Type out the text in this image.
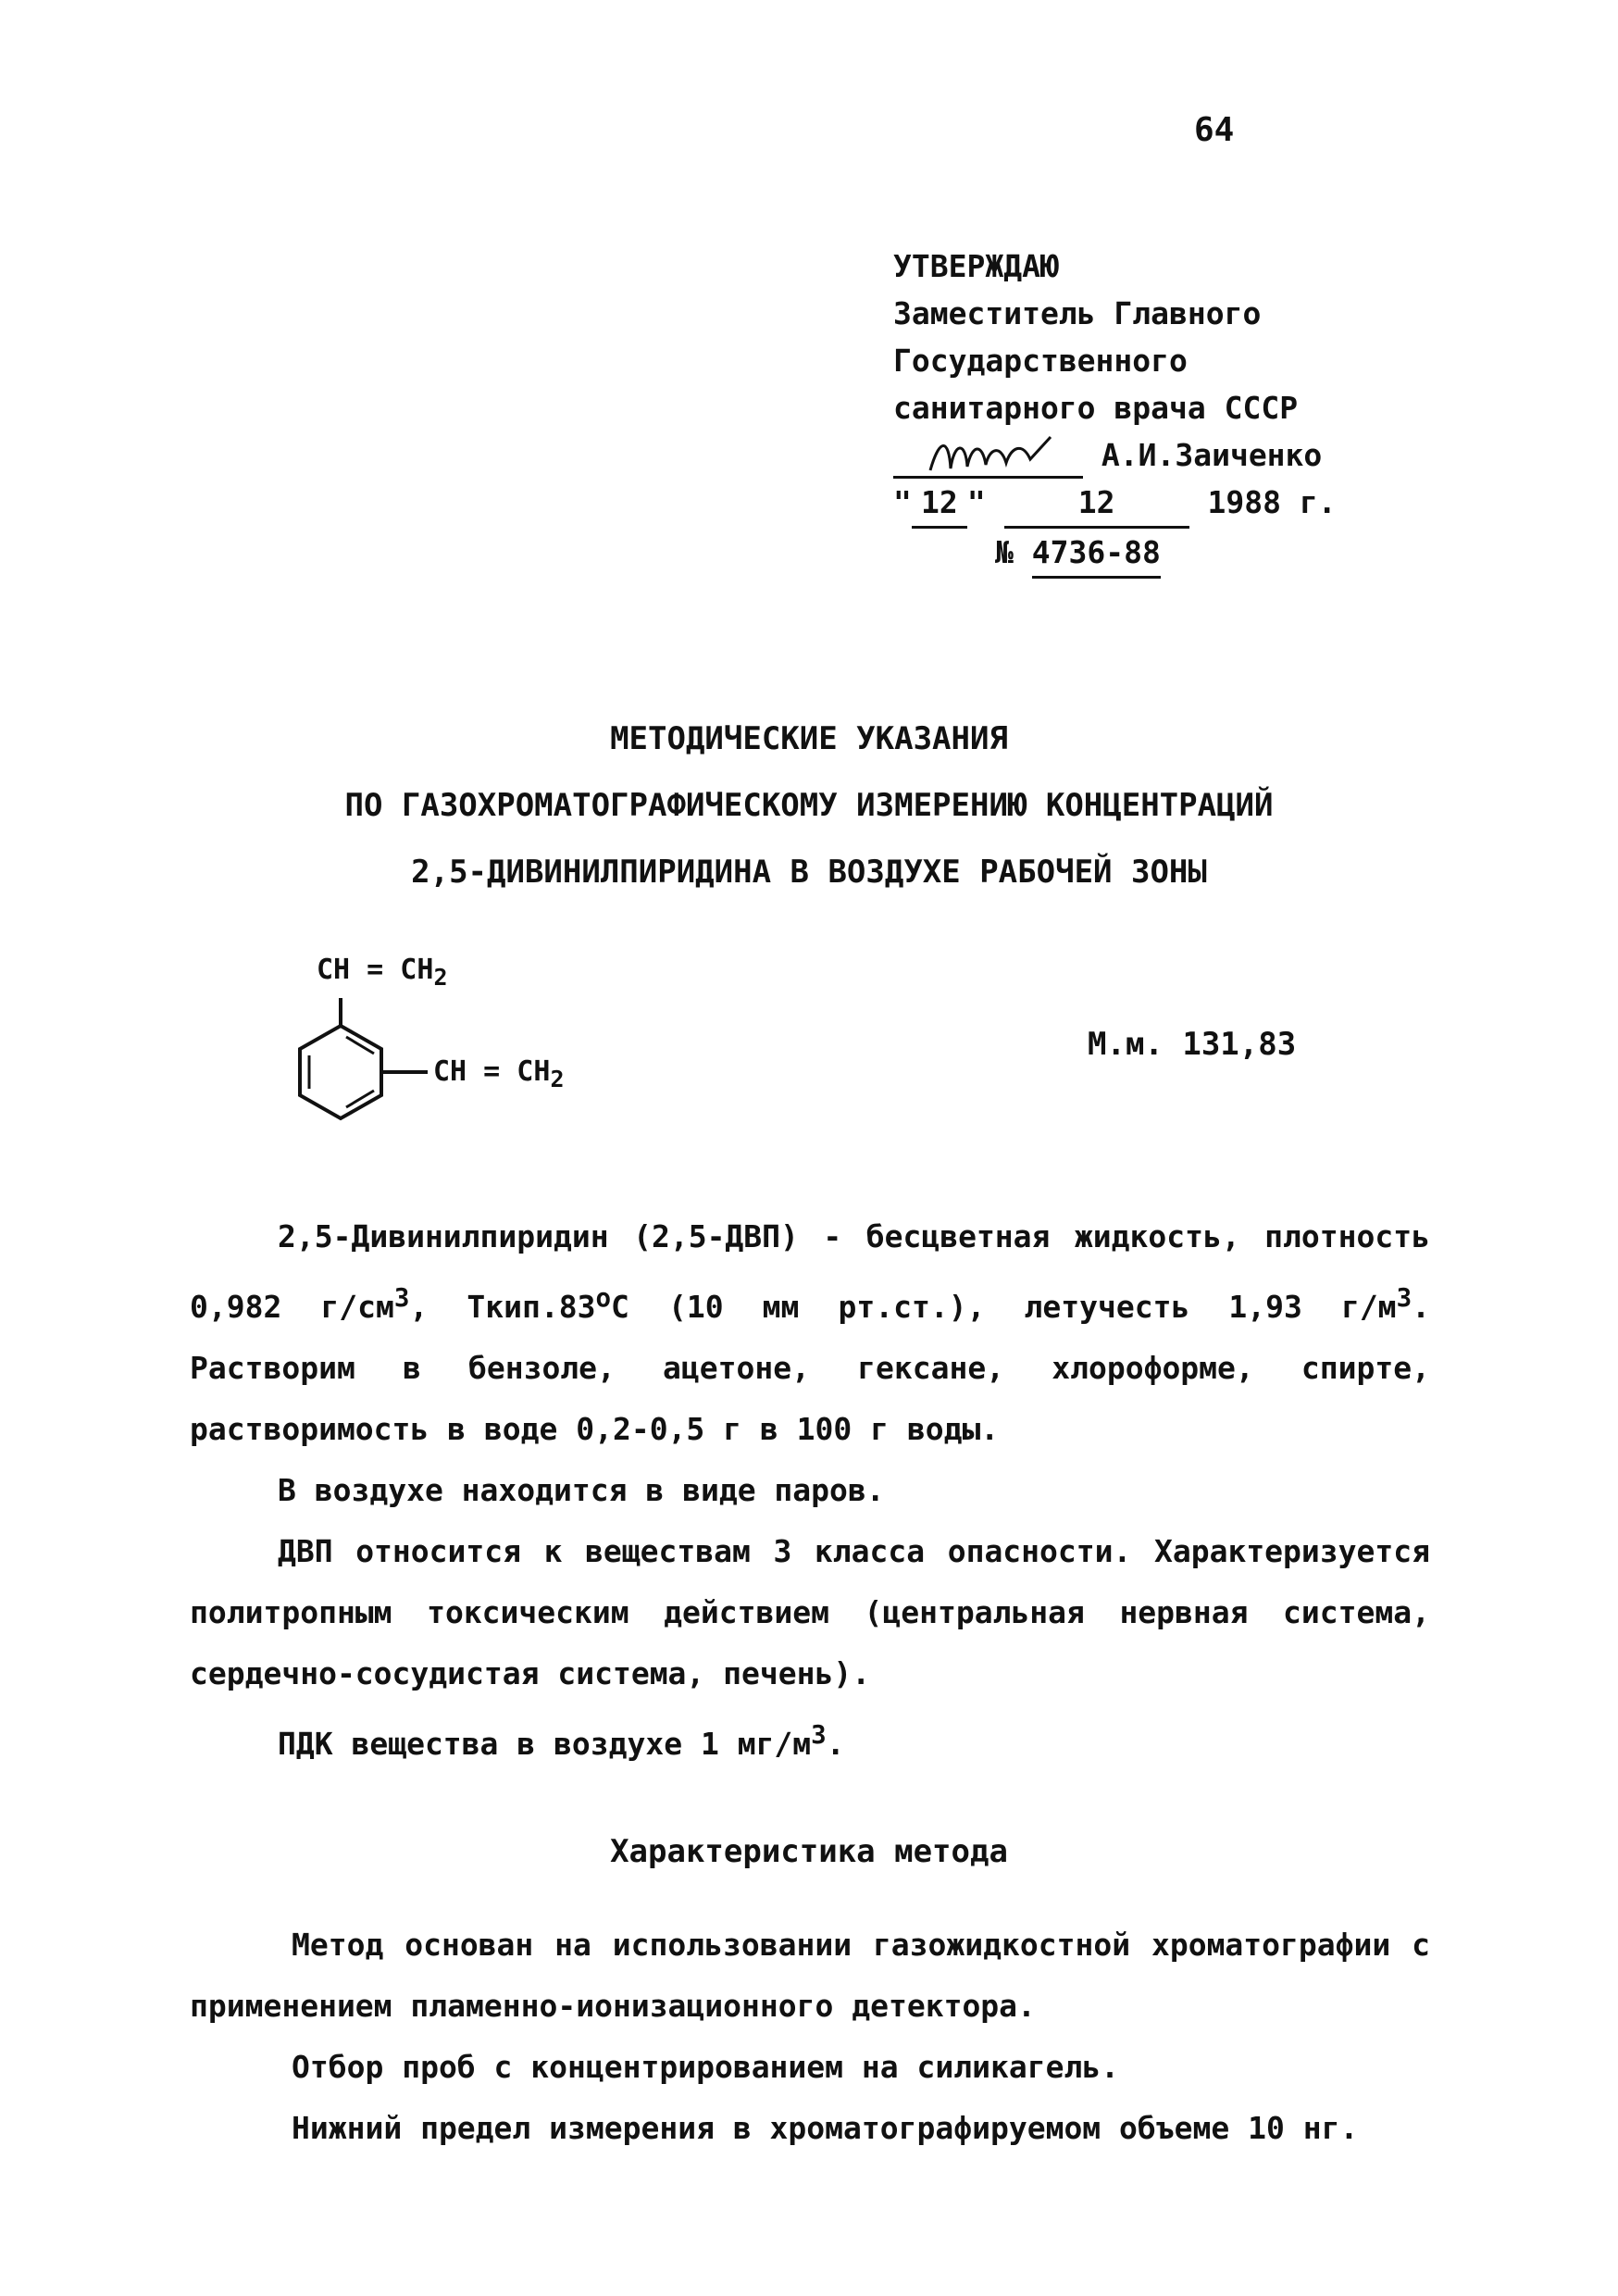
64
УТВЕРЖДАЮ
Заместитель Главного
Государственного
санитарного врача СССР
А.И.Заиченко
" 12 "	12	1988 г.
№ 4736-88
МЕТОДИЧЕСКИЕ УКАЗАНИЯ
ПО ГАЗОХРОМАТОГРАФИЧЕСКОМУ ИЗМЕРЕНИЮ КОНЦЕНТРАЦИЙ
2,5-ДИВИНИЛПИРИДИНА В ВОЗДУХЕ РАБОЧЕЙ ЗОНЫ
CH = $CH_2$
CH = $CH_2$
М.м. 131,83

2,5-Дивинилпиридин (2,5-ДВП) - бесцветная жидкость, плотность 0,982 $г/см^3$, $Ткип.83^оС$ (10 мм рт.ст.), летучесть 1,93 $г/м^3$. Растворим в бензоле, ацетоне, гексане, хлороформе, спирте, растворимость в воде 0,2-0,5 г в 100 г воды.

В воздухе находится в виде паров.

ДВП относится к веществам 3 класса опасности. Характеризуется политропным токсическим действием (центральная нервная система, сердечно-сосудистая система, печень).

ПДК вещества в воздухе 1 $мг/м^3$.

Характеристика метода

Метод основан на использовании газожидкостной хроматографии с применением пламенно-ионизационного детектора.

Отбор проб с концентрированием на силикагель.

Нижний предел измерения в хроматографируемом объеме 10 нг.
